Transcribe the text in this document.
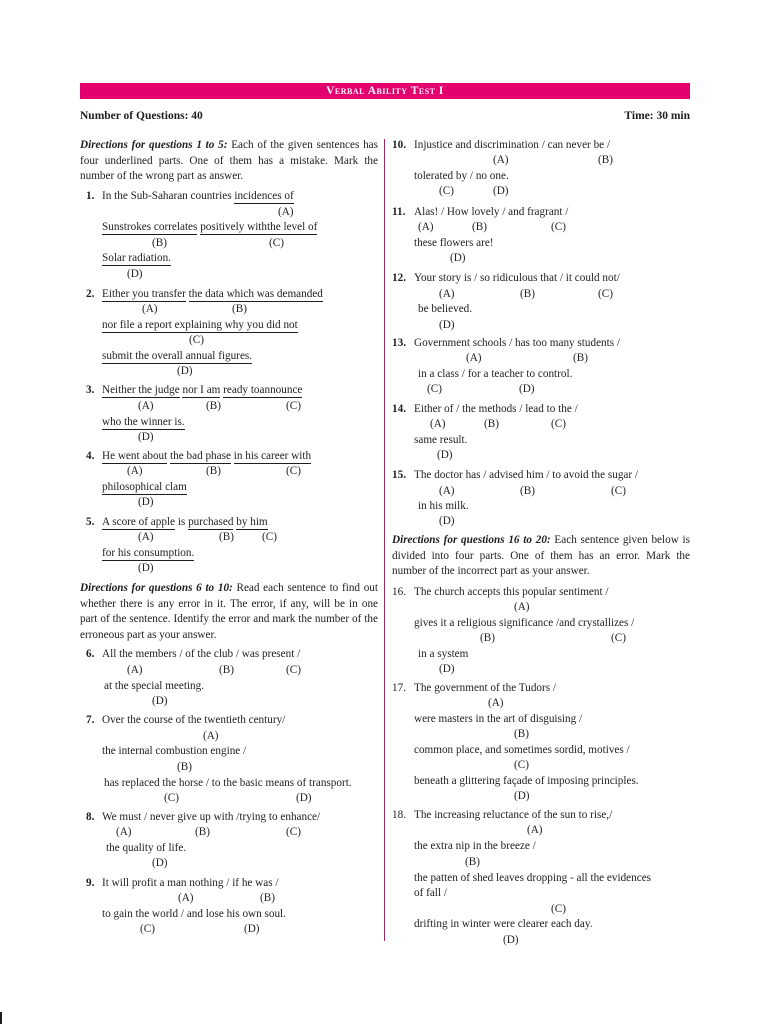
Verbal Ability Test I
Number of Questions: 40	Time: 30 min
Directions for questions 1 to 5: Each of the given sentences has four underlined parts. One of them has a mistake. Mark the number of the wrong part as answer.
1. In the Sub-Saharan countries incidences of
(A)
Sunstrokes correlates positively withthe level of
(B)	(C)
Solar radiation.
(D)
2. Either you transfer the data which was demanded
(A)	(B)
nor file a report explaining why you did not
(C)
submit the overall annual figures.
(D)
3. Neither the judge nor I am ready toannounce
(A)	(B)	(C)
who the winner is.
(D)
4. He went about the bad phase in his career with
(A)	(B)	(C)
philosophical clam
(D)
5. A score of apple is purchased by him
(A)	(B)	(C)
for his consumption.
(D)
Directions for questions 6 to 10: Read each sentence to find out whether there is any error in it. The error, if any, will be in one part of the sentence. Identify the error and mark the number of the erroneous part as your answer.
6. All the members / of the club / was present /
(A)	(B)	(C)
at the special meeting.
(D)
7. Over the course of the twentieth century/
(A)
the internal combustion engine /
(B)
has replaced the horse / to the basic means of transport.
(C)	(D)
8. We must / never give up with /trying to enhance/
(A)	(B)	(C)
the quality of life.
(D)
9. It will profit a man nothing / if he was /
(A)	(B)
to gain the world / and lose his own soul.
(C)	(D)
10. Injustice and discrimination / can never be /
(A)	(B)
tolerated by / no one.
(C)	(D)
11. Alas! / How lovely / and fragrant /
(A)	(B)	(C)
these flowers are!
(D)
12. Your story is / so ridiculous that / it could not/
(A)	(B)	(C)
be believed.
(D)
13. Government schools / has too many students /
(A)	(B)
in a class / for a teacher to control.
(C)	(D)
14. Either of / the methods / lead to the /
(A)	(B)	(C)
same result.
(D)
15. The doctor has / advised him / to avoid the sugar /
(A)	(B)	(C)
in his milk.
(D)
Directions for questions 16 to 20: Each sentence given below is divided into four parts. One of them has an error. Mark the number of the incorrect part as your answer.
16. The church accepts this popular sentiment /
(A)
gives it a religious significance /and crystallizes /
(B)	(C)
in a system
(D)
17. The government of the Tudors /
(A)
were masters in the art of disguising /
(B)
common place, and sometimes sordid, motives /
(C)
beneath a glittering façade of imposing principles.
(D)
18. The increasing reluctance of the sun to rise,/
(A)
the extra nip in the breeze /
(B)
the patten of shed leaves dropping - all the evidences
of fall /
(C)
drifting in winter were clearer each day.
(D)
